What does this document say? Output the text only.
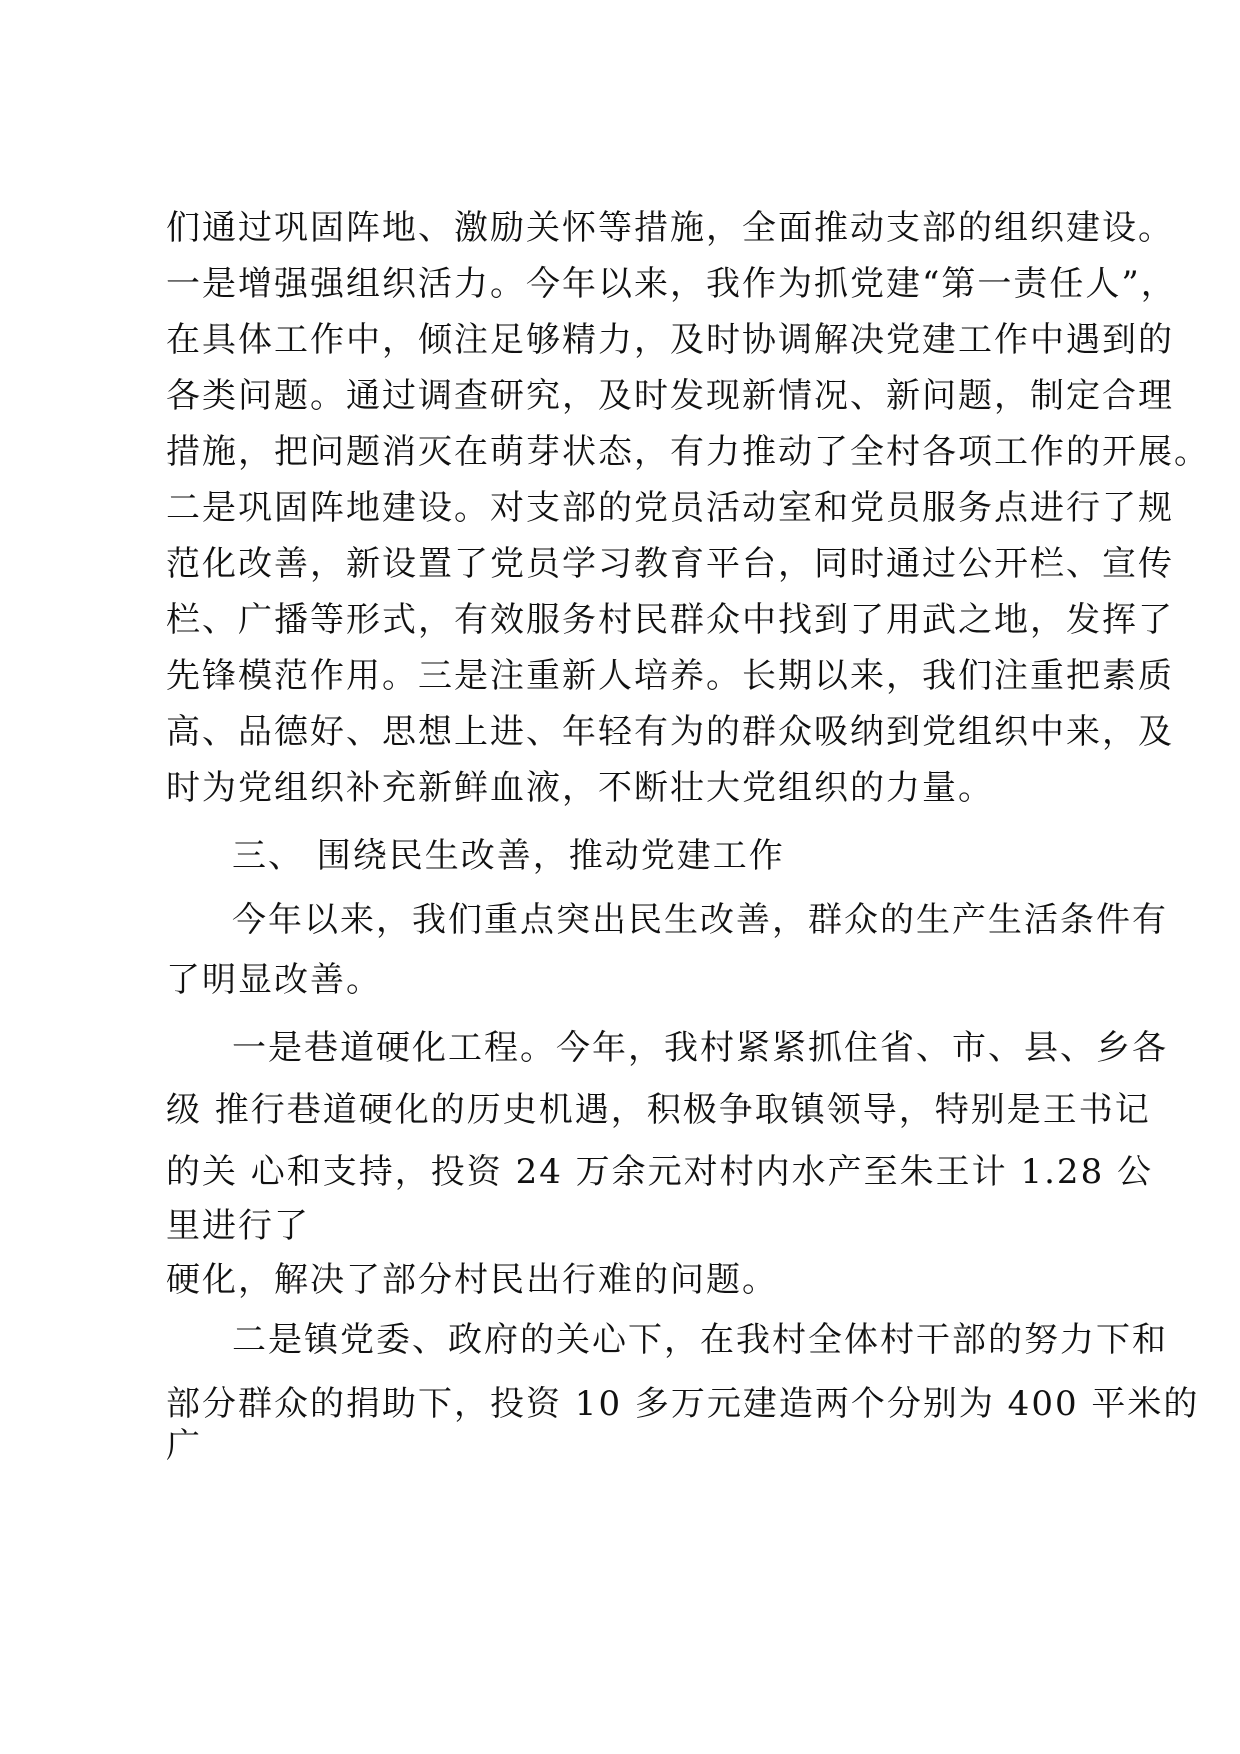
们通过巩固阵地、激励关怀等措施，全面推动支部的组织建设。
一是增强强组织活力。今年以来，我作为抓党建“第一责任人”，
在具体工作中，倾注足够精力，及时协调解决党建工作中遇到的
各类问题。通过调查研究，及时发现新情况、新问题，制定合理
措施，把问题消灭在萌芽状态，有力推动了全村各项工作的开展。
二是巩固阵地建设。对支部的党员活动室和党员服务点进行了规
范化改善，新设置了党员学习教育平台，同时通过公开栏、宣传
栏、广播等形式，有效服务村民群众中找到了用武之地，发挥了
先锋模范作用。三是注重新人培养。长期以来，我们注重把素质
高、品德好、思想上进、年轻有为的群众吸纳到党组织中来，及
时为党组织补充新鲜血液，不断壮大党组织的力量。
三、 围绕民生改善，推动党建工作
今年以来，我们重点突出民生改善，群众的生产生活条件有
了明显改善。
一是巷道硬化工程。今年，我村紧紧抓住省、市、县、乡各
级 推行巷道硬化的历史机遇，积极争取镇领导，特别是王书记
的关 心和支持，投资 24 万余元对村内水产至朱王计 1.28 公
里进行了
硬化，解决了部分村民出行难的问题。
二是镇党委、政府的关心下，在我村全体村干部的努力下和
部分群众的捐助下，投资 10 多万元建造两个分别为 400 平米的
广
